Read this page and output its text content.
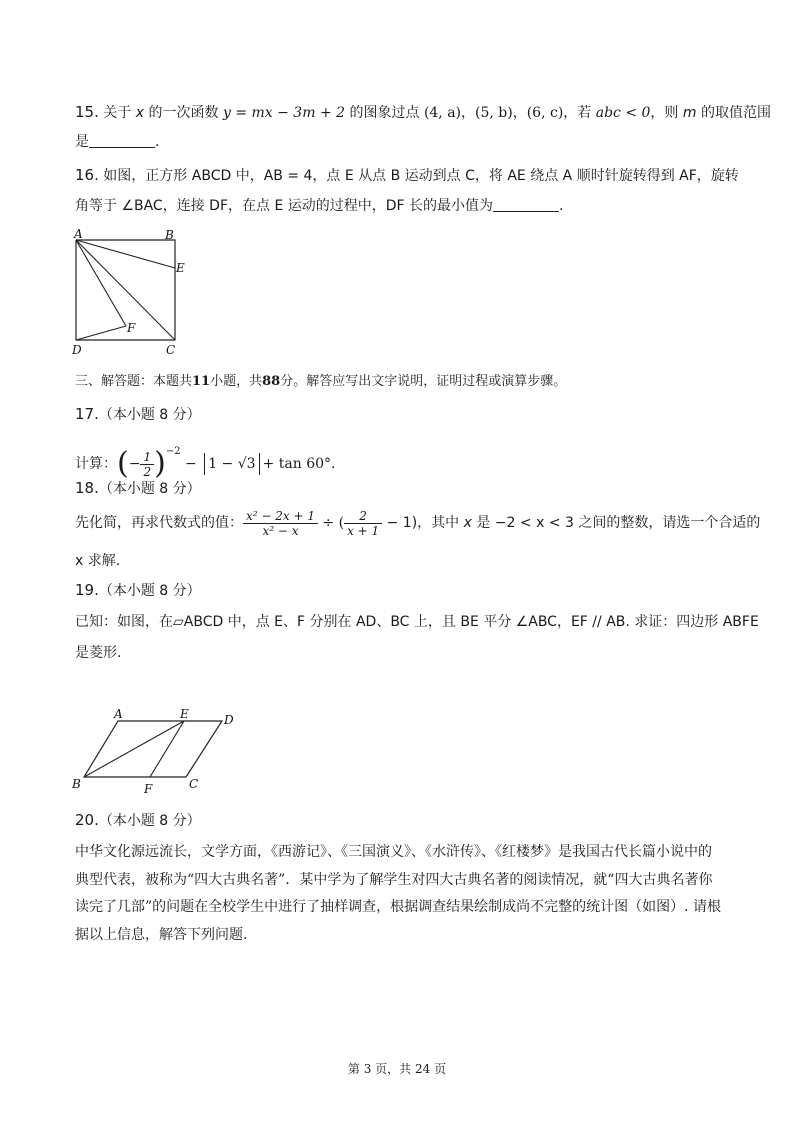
15. 关于 x 的一次函数 y = mx − 3m + 2 的图象过点 (4, a)，(5, b)，(6, c)，若 abc < 0，则 m 的取值范围
是	.
16. 如图，正方形 ABCD 中，AB = 4，点 E 从点 B 运动到点 C，将 AE 绕点 A 顺时针旋转得到 AF，旋转
角等于 ∠BAC，连接 DF，在点 E 运动的过程中，DF 长的最小值为	.
A	B
E
F
D	C
三、解答题：本题共11小题，共88分。解答应写出文字说明，证明过程或演算步骤。
17.（本小题 8 分）
计算：(− $\frac{1}{2} )^{-2} - 1 - √3 + \tan 60^\circ$.
18.（本小题 8 分）
先化简，再求代数式的值： $\frac{\text{x² − 2x + 1}}{\text{x² − x}}$ ÷ ( $\frac{2}{x + 1} - 1$)，其中 x 是 −2 < x < 3 之间的整数，请选一个合适的
x 求解.
19.（本小题 8 分）
已知：如图，在▱ABCD 中，点 E、F 分别在 AD、BC 上，且 BE 平分 ∠ABC，EF // AB. 求证：四边形 ABFE
是菱形.
A	E	D
B	F	C
20.（本小题 8 分）
中华文化源远流长，文学方面，《西游记》、《三国演义》、《水浒传》、《红楼梦》是我国古代长篇小说中的典型代表，被称为“四大古典名著”．某中学为了解学生对四大古典名著的阅读情况，就“四大古典名著你读完了几部”的问题在全校学生中进行了抽样调查，根据调查结果绘制成尚不完整的统计图（如图）. 请根据以上信息，解答下列问题.
第 3 页，共 24 页
